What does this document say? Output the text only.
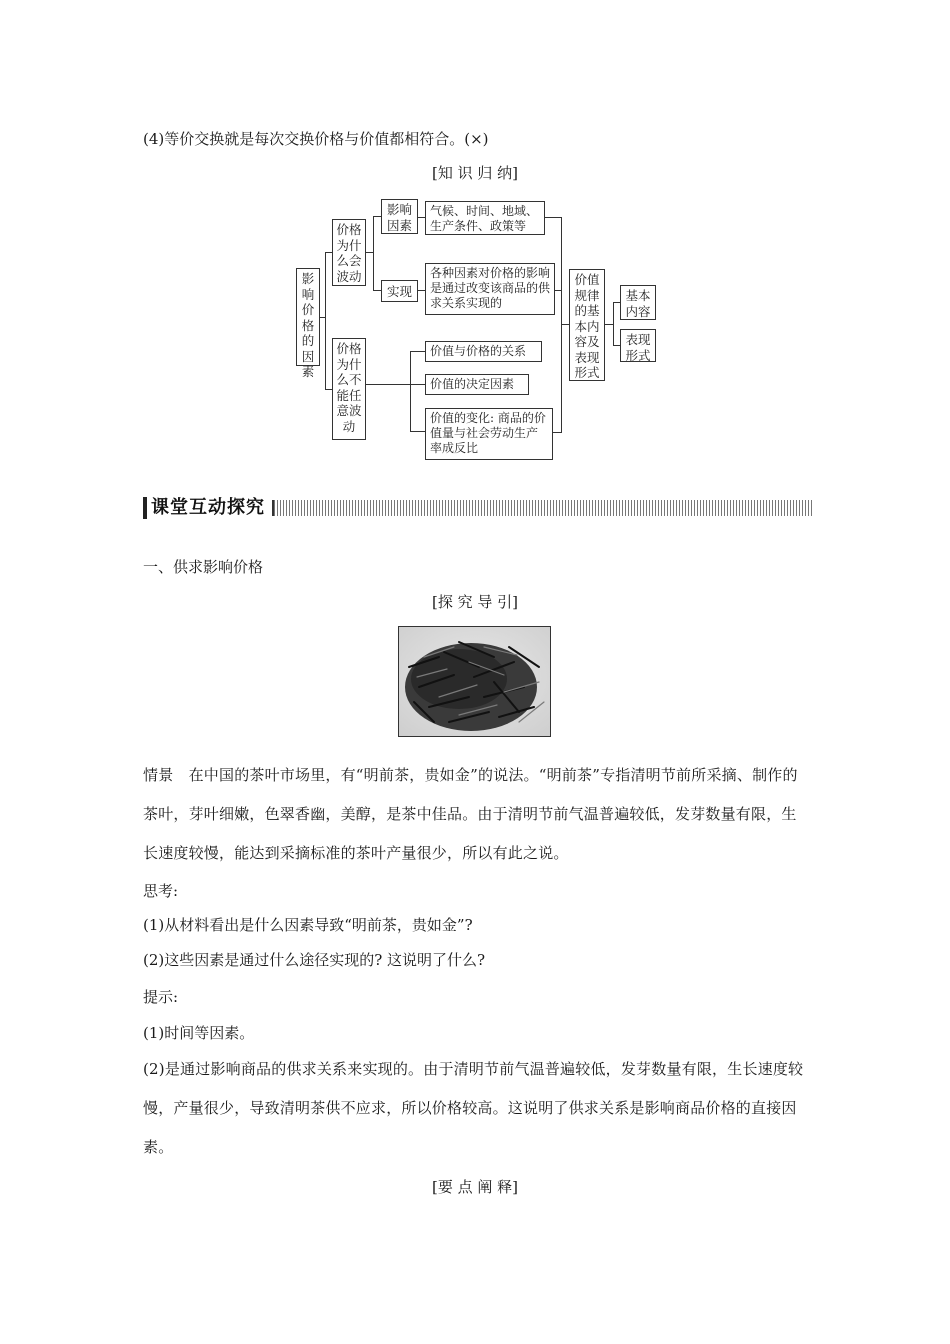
(4)等价交换就是每次交换价格与价值都相符合。(×)
[知 识 归 纳]
影响价格的因素
价格为什么会波动
价格为什么不能任意波动
影响因素
气候、时间、地域、生产条件、政策等
实现
各种因素对价格的影响是通过改变该商品的供求关系实现的
价值与价格的关系
价值的决定因素
价值的变化: 商品的价值量与社会劳动生产率成反比
价值规律的基本内容及表现形式
基本内容
表现形式
课堂互动探究
一、供求影响价格
[探 究 导 引]
情景　在中国的茶叶市场里，有“明前茶，贵如金”的说法。“明前茶”专指清明节前所采摘、制作的茶叶，芽叶细嫩，色翠香幽，美醇，是茶中佳品。由于清明节前气温普遍较低，发芽数量有限，生长速度较慢，能达到采摘标准的茶叶产量很少，所以有此之说。
思考:
(1)从材料看出是什么因素导致“明前茶，贵如金”?
(2)这些因素是通过什么途径实现的? 这说明了什么?
提示:
(1)时间等因素。
(2)是通过影响商品的供求关系来实现的。由于清明节前气温普遍较低，发芽数量有限，生长速度较慢，产量很少，导致清明茶供不应求，所以价格较高。这说明了供求关系是影响商品价格的直接因素。
[要 点 阐 释]
